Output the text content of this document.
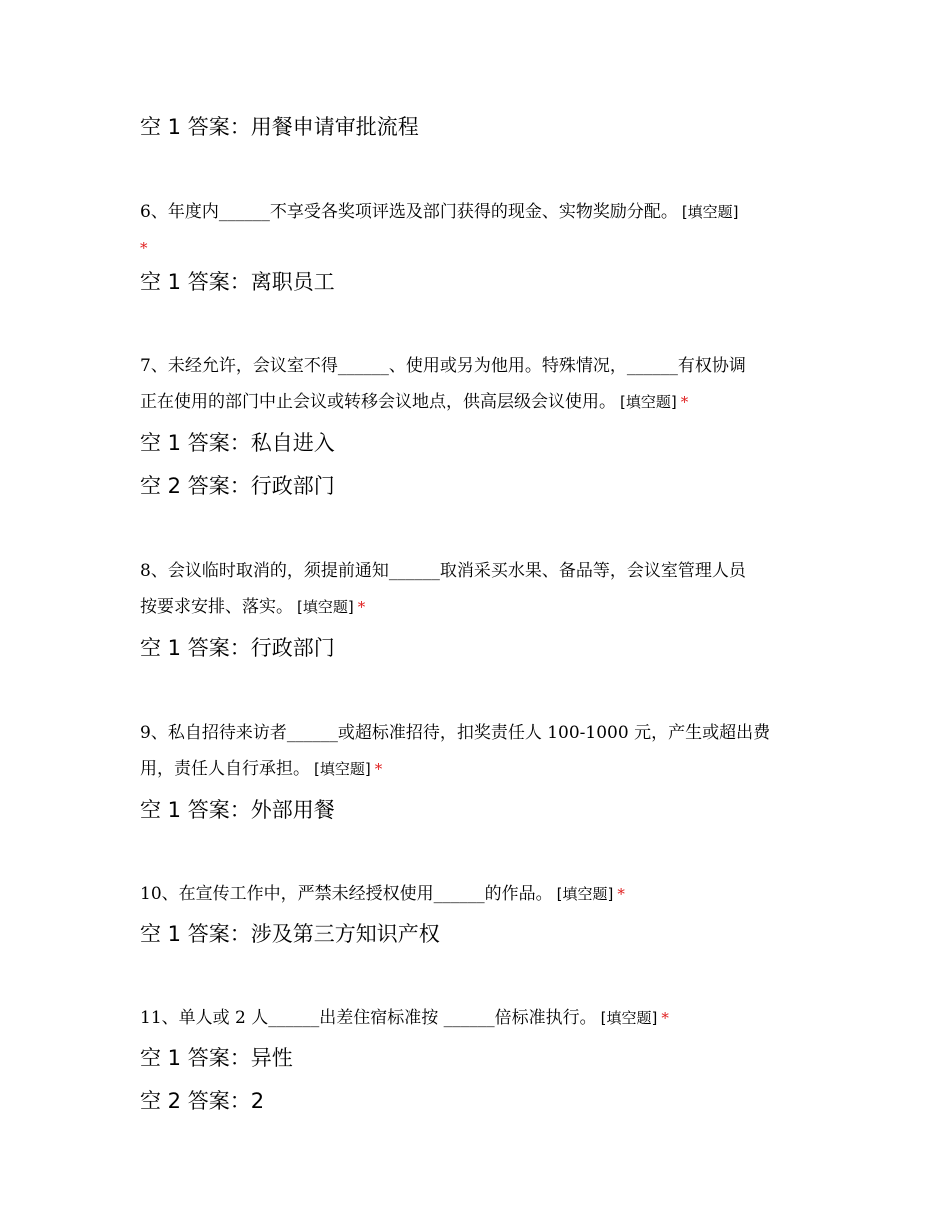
空 1 答案：用餐申请审批流程
6、年度内______不享受各奖项评选及部门获得的现金、实物奖励分配。 [填空题]
*
空 1 答案：离职员工
7、未经允许，会议室不得______、使用或另为他用。特殊情况，______有权协调
正在使用的部门中止会议或转移会议地点，供高层级会议使用。 [填空题] *
空 1 答案：私自进入
空 2 答案：行政部门
8、会议临时取消的，须提前通知______取消采买水果、备品等，会议室管理人员
按要求安排、落实。 [填空题] *
空 1 答案：行政部门
9、私自招待来访者______或超标准招待，扣奖责任人 100-1000 元，产生或超出费
用，责任人自行承担。 [填空题] *
空 1 答案：外部用餐
10、在宣传工作中，严禁未经授权使用______的作品。 [填空题] *
空 1 答案：涉及第三方知识产权
11、单人或 2 人______出差住宿标准按 ______倍标准执行。 [填空题] *
空 1 答案：异性
空 2 答案：2
